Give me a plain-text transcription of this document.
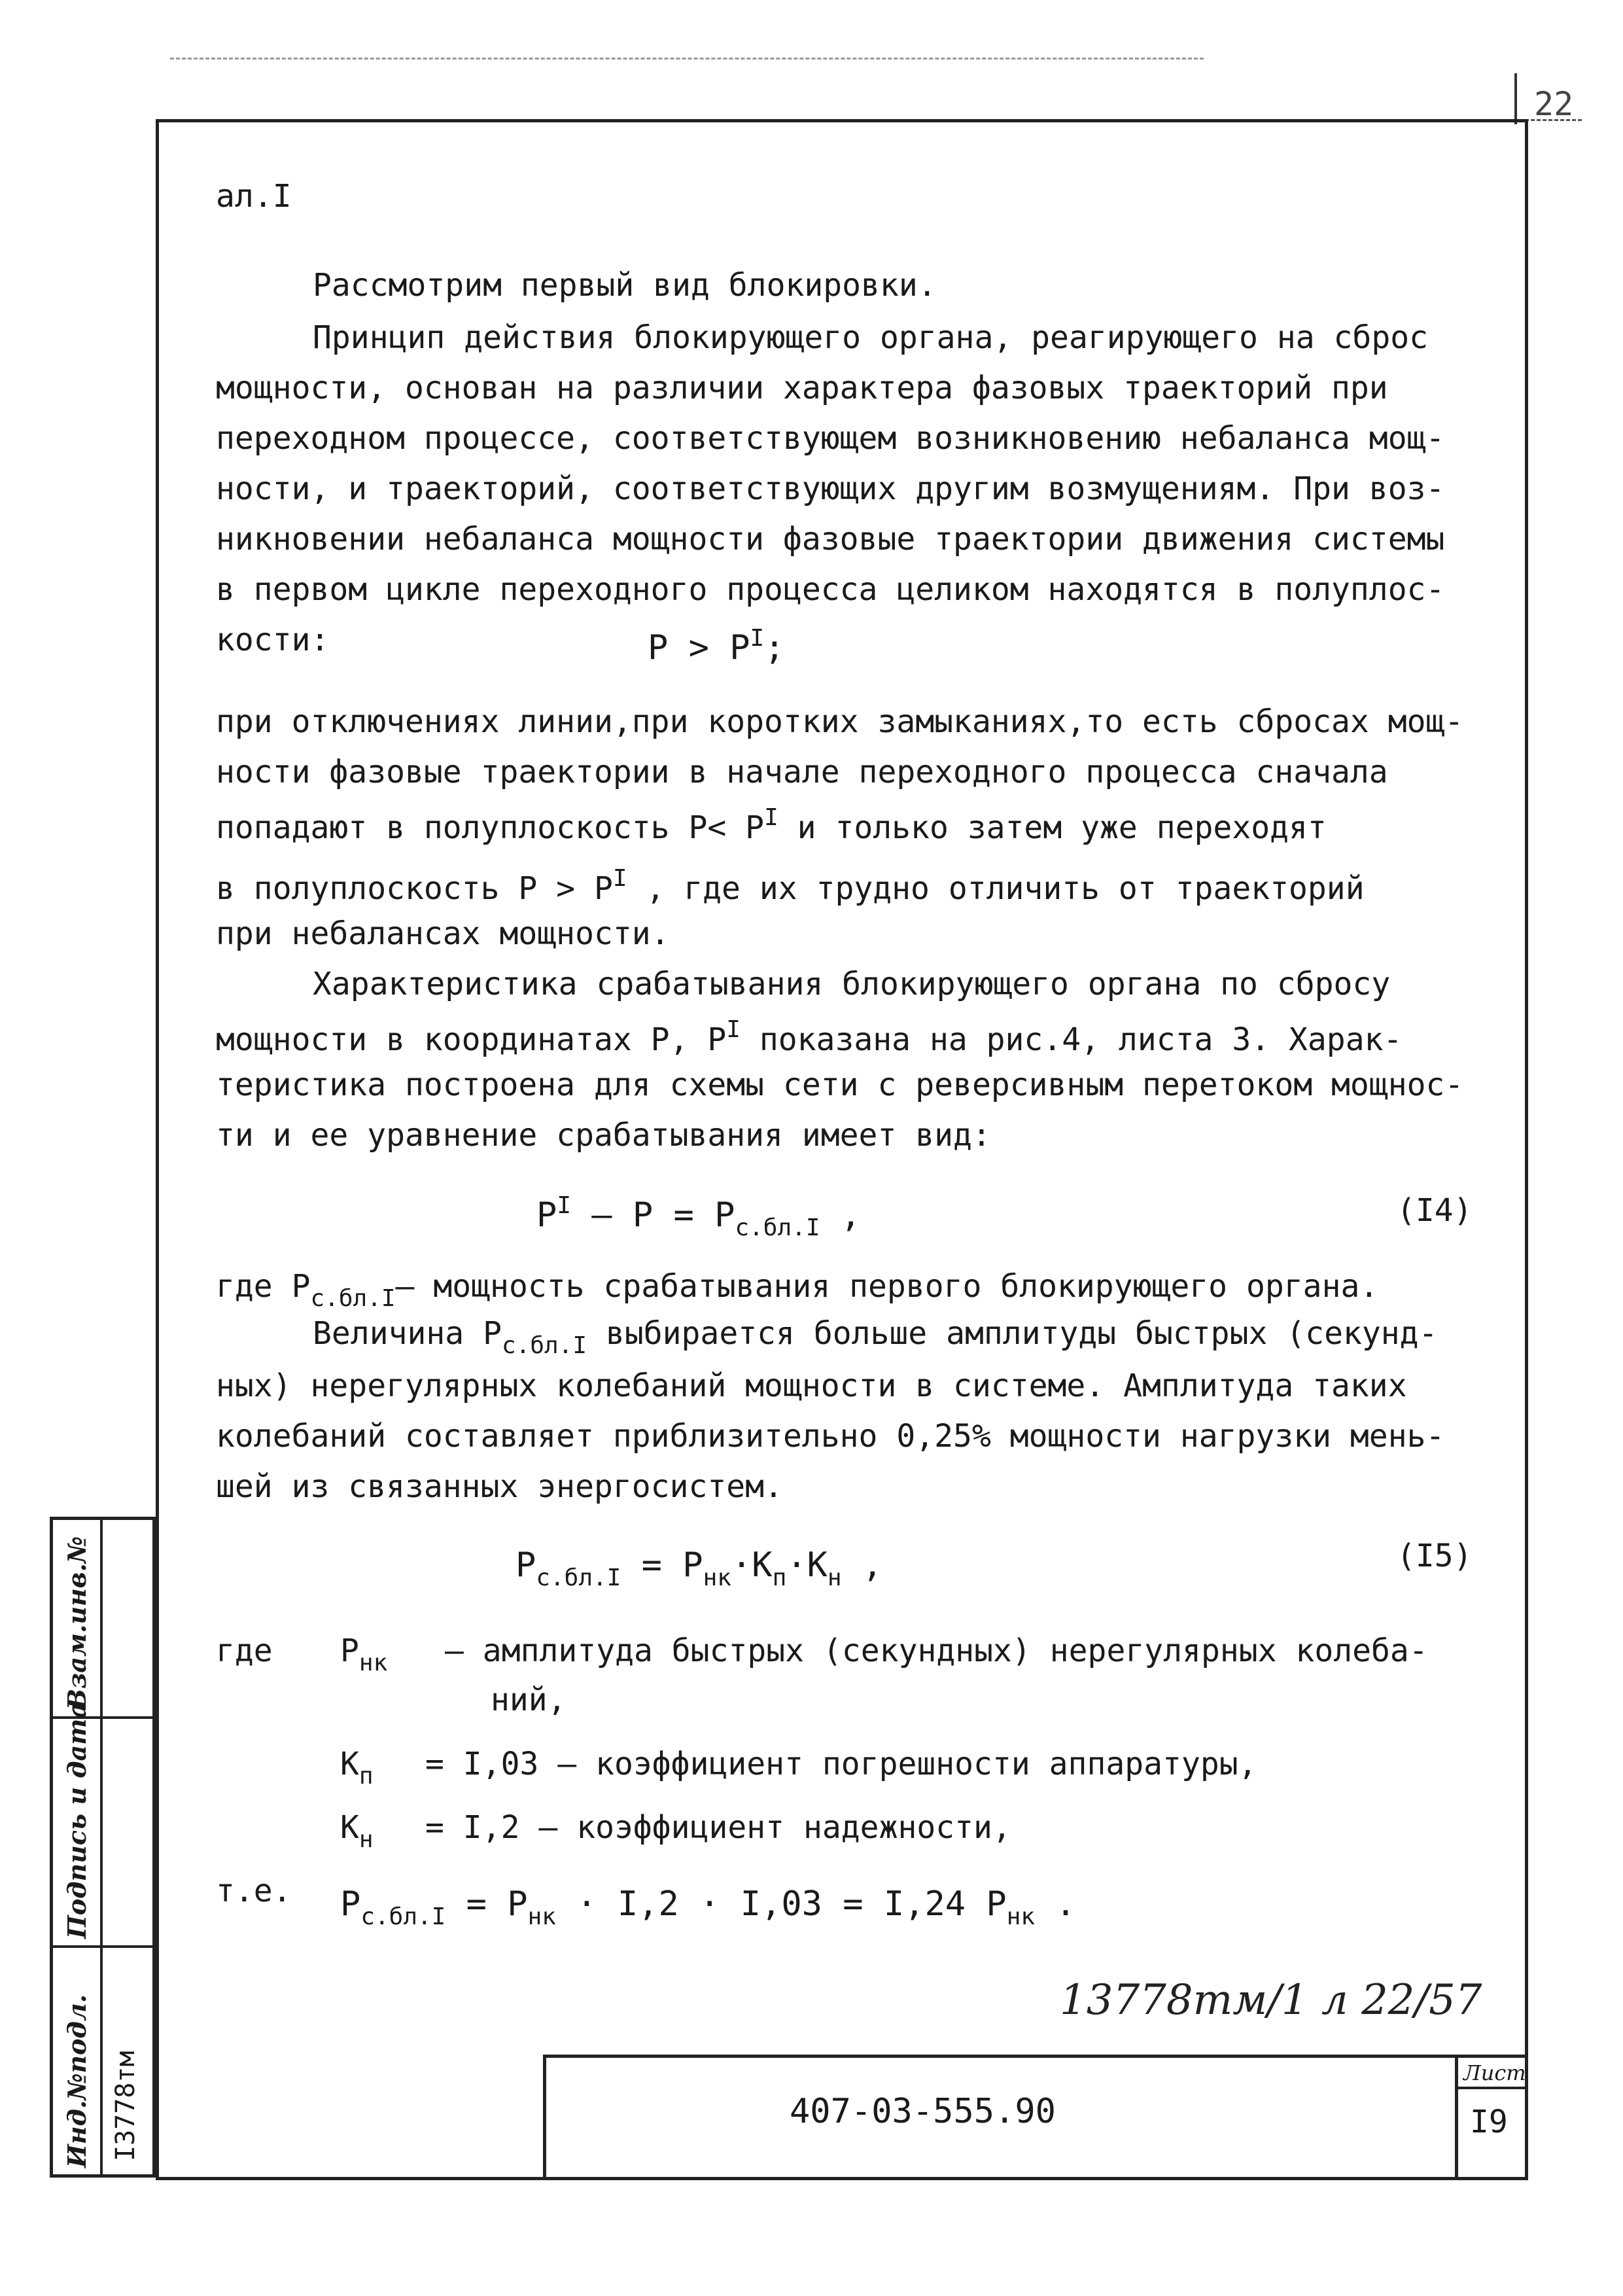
22
ал.I
Рассмотрим первый вид блокировки.
Принцип действия блокирующего органа, реагирующего на сброс
мощности, основан на различии характера фазовых траекторий при
переходном процессе, соответствующем возникновению небаланса мощ-
ности, и траекторий, соответствующих другим возмущениям. При воз-
никновении небаланса мощности фазовые траектории движения системы
в первом цикле переходного процесса целиком находятся в полуплос-
кости:	$P > P^I$;
при отключениях линии,при коротких замыканиях,то есть сбросах мощ-
ности фазовые траектории в начале переходного процесса сначала
попадают в полуплоскость $P< P^I$ и только затем уже переходят
в полуплоскость $P > P^I$ , где их трудно отличить от траекторий
при небалансах мощности.
Характеристика срабатывания блокирующего органа по сбросу
мощности в координатах P, $P^I$ показана на рис.4, листа 3. Харак-
теристика построена для схемы сети с реверсивным перетоком мощнос-
ти и ее уравнение срабатывания имеет вид:
$P^I - P = P_{с.бл.I}$ ,	(I4)
где $P_{с.бл.I}-$ мощность срабатывания первого блокирующего органа.
Величина $P_{с.бл.I}$ выбирается больше амплитуды быстрых (секунд-
ных) нерегулярных колебаний мощности в системе. Амплитуда таких
колебаний составляет приблизительно 0,25% мощности нагрузки мень-
шей из связанных энергосистем.
$P_{с.бл.I} = P_{нк}\cdot K_п\cdot K_н$ ,	(I5)
где $P_{нк}$ – амплитуда быстрых (секундных) нерегулярных колеба-
ний,
$K_п = I,03$ – коэффициент погрешности аппаратуры,
$K_н = I,2$ – коэффициент надежности,
т.е. $P_{с.бл.I} = P_{нк} \cdot I,2 \cdot I,03 = I,24$ $P_{нк}$ .
13778тм/1 л 22/57
Взам.инв.№
Подпись и дата
Инд.№подл. I3778тм	407-03-555.90
Лист
I9
